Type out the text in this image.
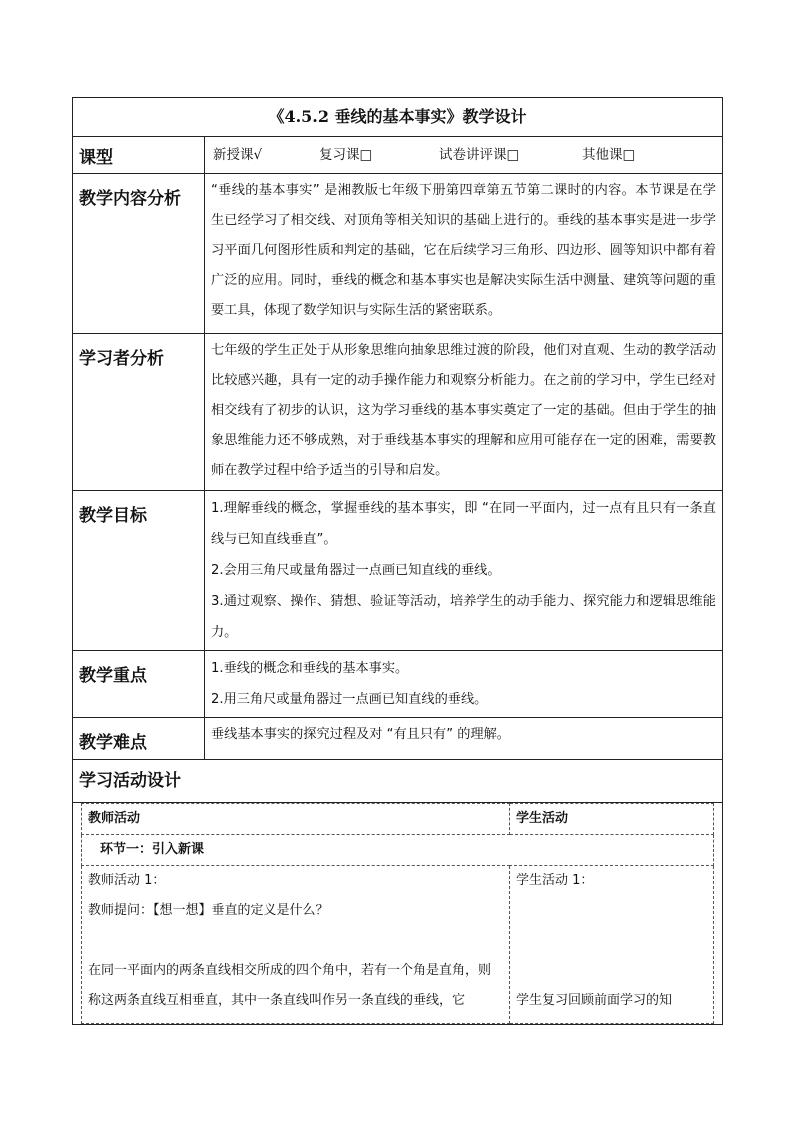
《4.5.2 垂线的基本事实》教学设计
课型	新授课√	复习课□	试卷讲评课□	其他课□
教学内容分析	“垂线的基本事实” 是湘教版七年级下册第四章第五节第二课时的内容。本节课是在学生已经学习了相交线、对顶角等相关知识的基础上进行的。垂线的基本事实是进一步学习平面几何图形性质和判定的基础，它在后续学习三角形、四边形、圆等知识中都有着广泛的应用。同时，垂线的概念和基本事实也是解决实际生活中测量、建筑等问题的重要工具，体现了数学知识与实际生活的紧密联系。
学习者分析	七年级的学生正处于从形象思维向抽象思维过渡的阶段，他们对直观、生动的教学活动比较感兴趣，具有一定的动手操作能力和观察分析能力。在之前的学习中，学生已经对相交线有了初步的认识，这为学习垂线的基本事实奠定了一定的基础。但由于学生的抽象思维能力还不够成熟，对于垂线基本事实的理解和应用可能存在一定的困难，需要教师在教学过程中给予适当的引导和启发。
教学目标	1.理解垂线的概念，掌握垂线的基本事实，即 “在同一平面内，过一点有且只有一条直线与已知直线垂直”。

2.会用三角尺或量角器过一点画已知直线的垂线。

3.通过观察、操作、猜想、验证等活动，培养学生的动手能力、探究能力和逻辑思维能力。

教学重点	1.垂线的概念和垂线的基本事实。

2.用三角尺或量角器过一点画已知直线的垂线。

教学难点	垂线基本事实的探究过程及对 “有且只有” 的理解。
学习活动设计

教师活动	学生活动
环节一：引入新课

教师活动 1：

教师提问：【想一想】垂直的定义是什么？

在同一平面内的两条直线相交所成的四个角中，若有一个角是直角，则称这两条直线互相垂直，其中一条直线叫作另一条直线的垂线，它

学生活动 1：

学生复习回顾前面学习的知
